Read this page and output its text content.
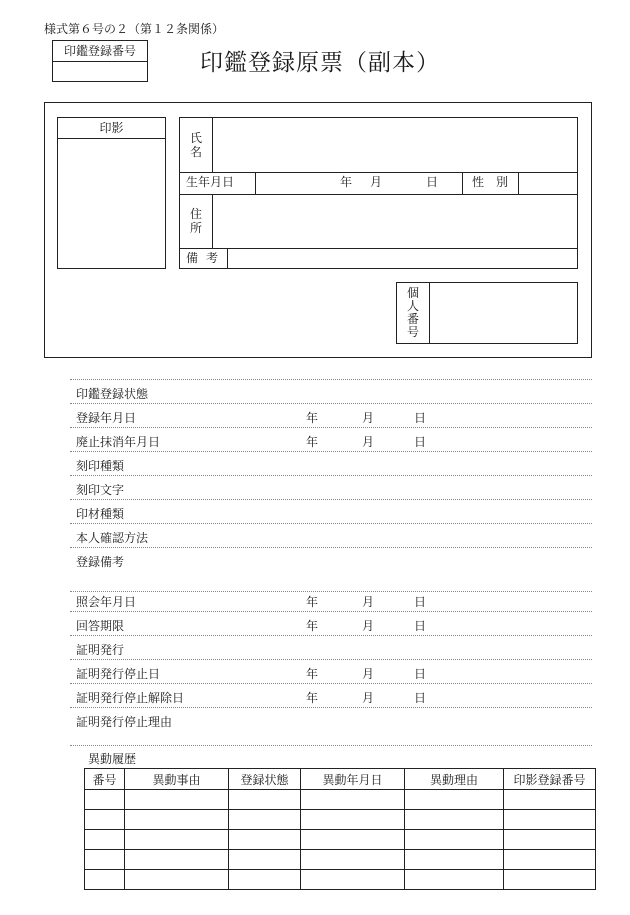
様式第６号の２（第１２条関係）
印鑑登録番号	印鑑登録原票（副本）
印影
氏
名
生年月日	年 月	日	性別
住
所
備考
個
人
番
号
印鑑登録状態
登録年月日	年	月	日
廃止抹消年月日	年	月	日
刻印種類
刻印文字
印材種類
本人確認方法
登録備考
照会年月日	年	月	日
回答期限	年	月	日
証明発行
証明発行停止日	年	月	日
証明発行停止解除日	年	月	日
証明発行停止理由
異動履歴
番号	異動事由	登録状態	異動年月日	異動理由	印影登録番号
